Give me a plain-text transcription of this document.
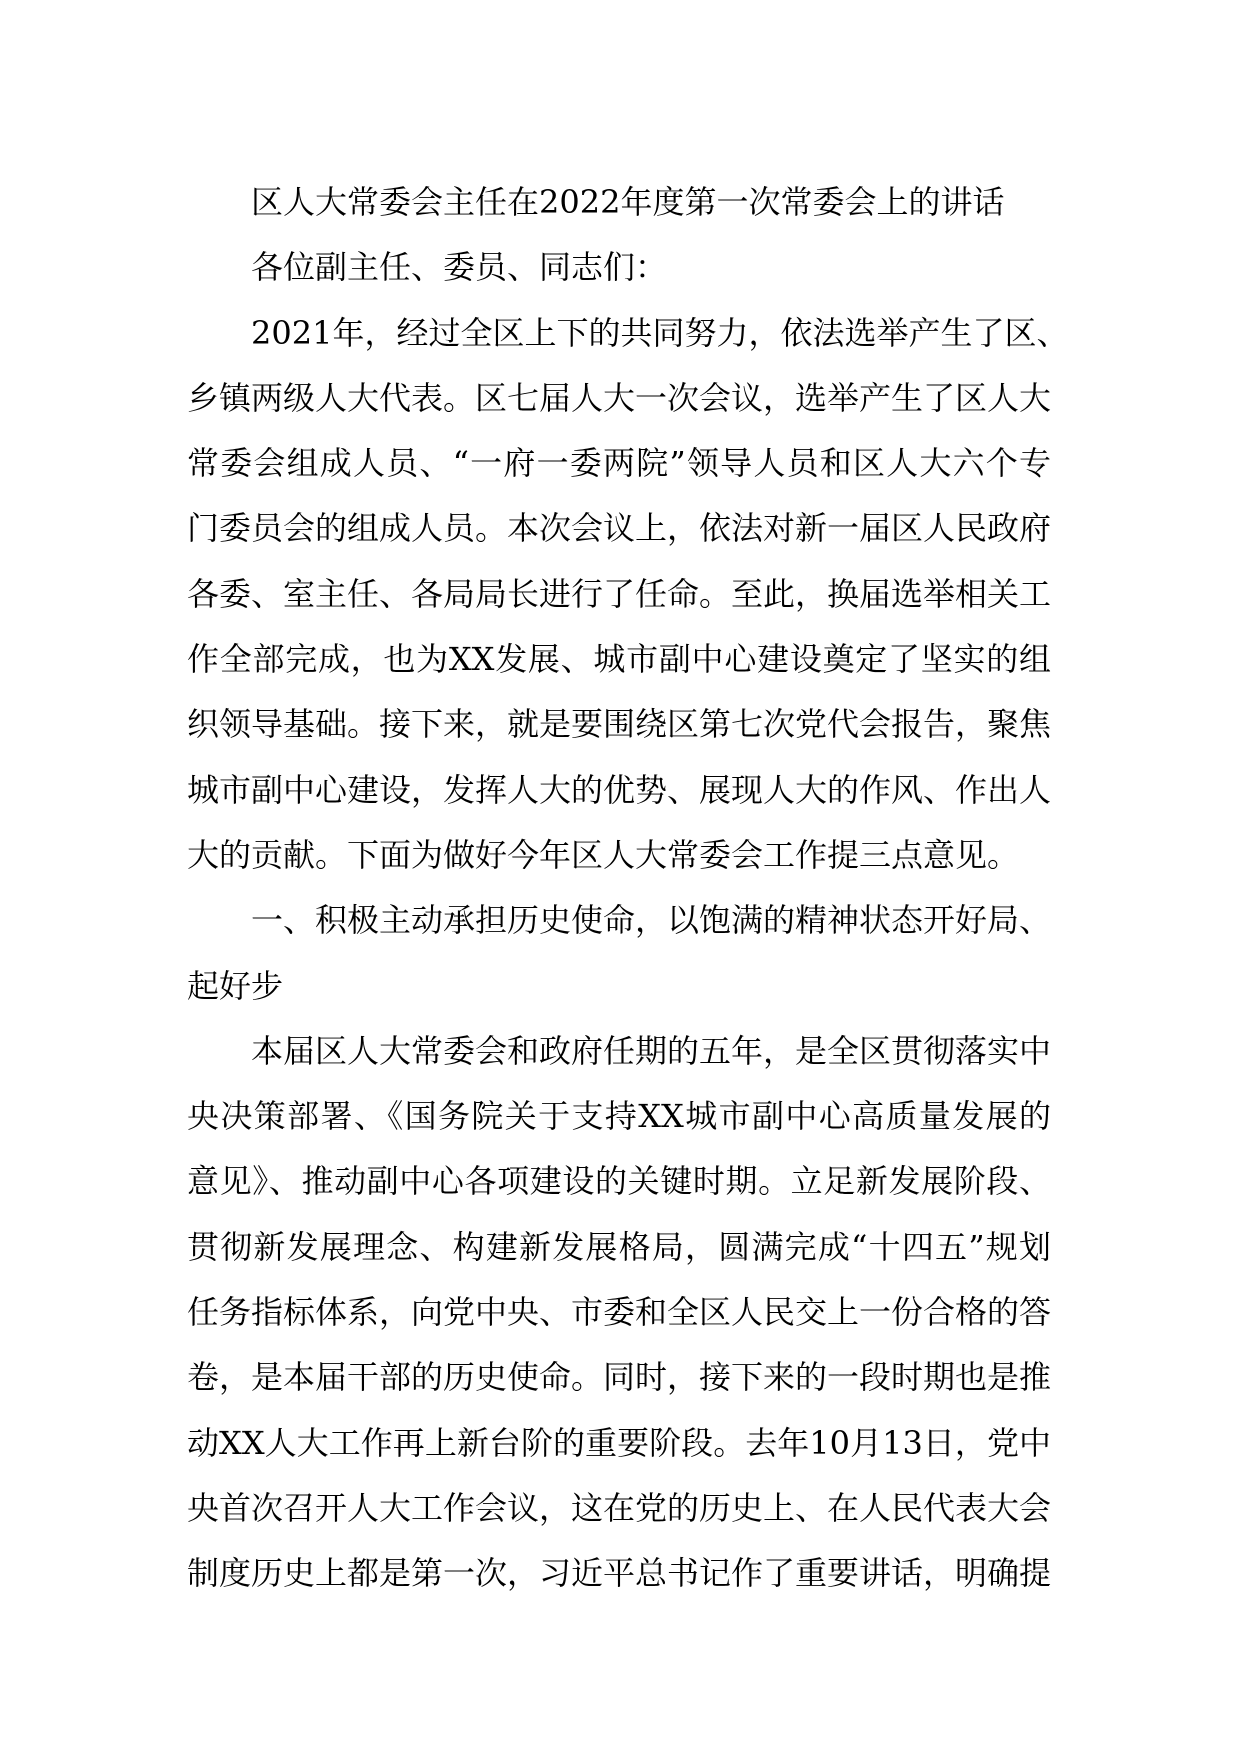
区人大常委会主任在2022年度第一次常委会上的讲话
各位副主任、委员、同志们：
2021年，经过全区上下的共同努力，依法选举产生了区、
乡镇两级人大代表。区七届人大一次会议，选举产生了区人大
常委会组成人员、“一府一委两院”领导人员和区人大六个专
门委员会的组成人员。本次会议上，依法对新一届区人民政府
各委、室主任、各局局长进行了任命。至此，换届选举相关工
作全部完成，也为XX发展、城市副中心建设奠定了坚实的组
织领导基础。接下来，就是要围绕区第七次党代会报告，聚焦
城市副中心建设，发挥人大的优势、展现人大的作风、作出人
大的贡献。下面为做好今年区人大常委会工作提三点意见。
一、积极主动承担历史使命，以饱满的精神状态开好局、
起好步
本届区人大常委会和政府任期的五年，是全区贯彻落实中
央决策部署、《国务院关于支持XX城市副中心高质量发展的
意见》、推动副中心各项建设的关键时期。立足新发展阶段、
贯彻新发展理念、构建新发展格局，圆满完成“十四五”规划
任务指标体系，向党中央、市委和全区人民交上一份合格的答
卷，是本届干部的历史使命。同时，接下来的一段时期也是推
动XX人大工作再上新台阶的重要阶段。去年10月13日，党中
央首次召开人大工作会议，这在党的历史上、在人民代表大会
制度历史上都是第一次，习近平总书记作了重要讲话，明确提
